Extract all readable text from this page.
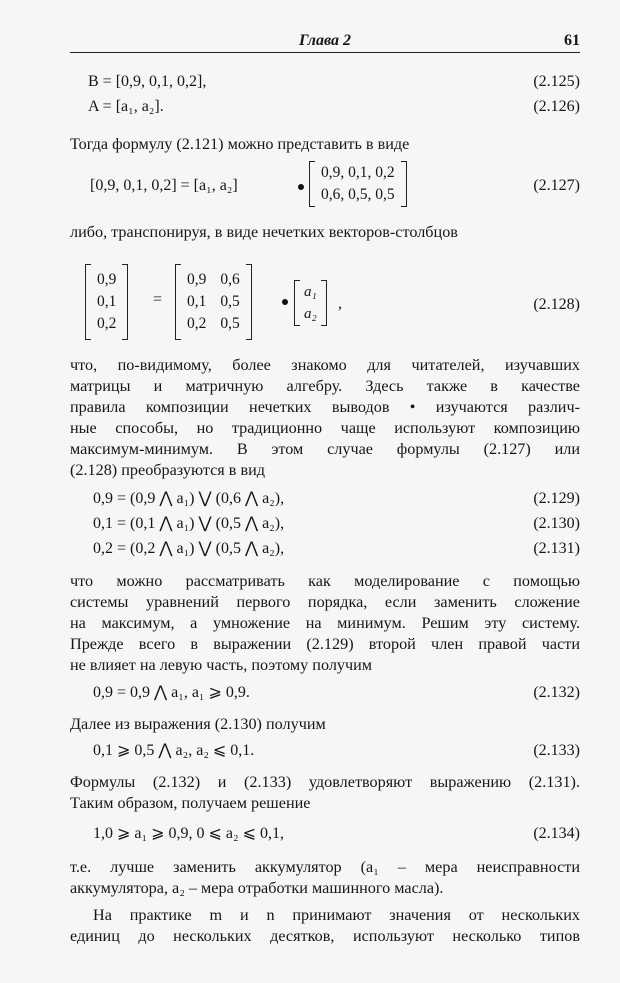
Глава 2	61
B = [0,9, 0,1, 0,2],	(2.125)
A = [a₁, a₂].	(2.126)
Тогда формулу (2.121) можно представить в виде
[0,9, 0,1, 0,2] = [a₁, a₂]
0,9, 0,1, 0,2
0,6, 0,5, 0,5
(2.127)
либо, транспонируя, в виде нечетких векторов-столбцов
0,9
0,1
0,2
=
0,9 0,6
0,1 0,5
0,2 0,5
a₁
a₂
,	(2.128)
что, по-видимому, более знакомо для читателей, изучавших
матрицы и матричную алгебру. Здесь также в качестве
правила композиции нечетких выводов • изучаются различ-
ные способы, но традиционно чаще используют композицию
максимум-минимум. В этом случае формулы (2.127) или
(2.128) преобразуются в вид
0,9 = (0,9 ⋀ a₁) ⋁ (0,6 ⋀ a₂),	(2.129)
0,1 = (0,1 ⋀ a₁) ⋁ (0,5 ⋀ a₂),	(2.130)
0,2 = (0,2 ⋀ a₁) ⋁ (0,5 ⋀ a₂),	(2.131)
что можно рассматривать как моделирование с помощью
системы уравнений первого порядка, если заменить сложение
на максимум, а умножение на минимум. Решим эту систему.
Прежде всего в выражении (2.129) второй член правой части
не влияет на левую часть, поэтому получим
0,9 = 0,9 ⋀ a₁, a₁ ⩾ 0,9.	(2.132)
Далее из выражения (2.130) получим
0,1 ⩾ 0,5 ⋀ a₂, a₂ ⩽ 0,1.	(2.133)
Формулы (2.132) и (2.133) удовлетворяют выражению (2.131).
Таким образом, получаем решение
1,0 ⩾ a₁ ⩾ 0,9, 0 ⩽ a₂ ⩽ 0,1,	(2.134)
т.е. лучше заменить аккумулятор (a₁ – мера неисправности
аккумулятора, a₂ – мера отработки машинного масла).
На практике m и n принимают значения от нескольких
единиц до нескольких десятков, используют несколько типов
